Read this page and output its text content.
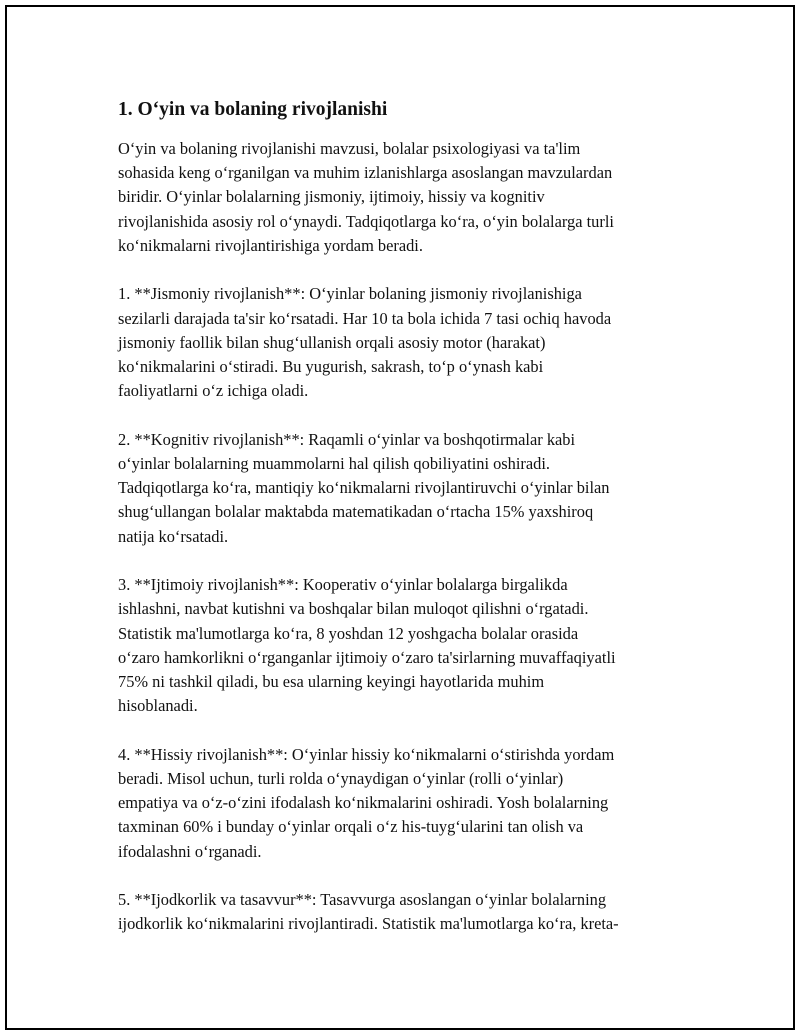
1. O‘yin va bolaning rivojlanishi
O‘yin va bolaning rivojlanishi mavzusi, bolalar psixologiyasi va ta'lim
sohasida keng o‘rganilgan va muhim izlanishlarga asoslangan mavzulardan
biridir. O‘yinlar bolalarning jismoniy, ijtimoiy, hissiy va kognitiv
rivojlanishida asosiy rol o‘ynaydi. Tadqiqotlarga ko‘ra, o‘yin bolalarga turli
ko‘nikmalarni rivojlantirishiga yordam beradi.
1. **Jismoniy rivojlanish**: O‘yinlar bolaning jismoniy rivojlanishiga
sezilarli darajada ta'sir ko‘rsatadi. Har 10 ta bola ichida 7 tasi ochiq havoda
jismoniy faollik bilan shug‘ullanish orqali asosiy motor (harakat)
ko‘nikmalarini o‘stiradi. Bu yugurish, sakrash, to‘p o‘ynash kabi
faoliyatlarni o‘z ichiga oladi.
2. **Kognitiv rivojlanish**: Raqamli o‘yinlar va boshqotirmalar kabi
o‘yinlar bolalarning muammolarni hal qilish qobiliyatini oshiradi.
Tadqiqotlarga ko‘ra, mantiqiy ko‘nikmalarni rivojlantiruvchi o‘yinlar bilan
shug‘ullangan bolalar maktabda matematikadan o‘rtacha 15% yaxshiroq
natija ko‘rsatadi.
3. **Ijtimoiy rivojlanish**: Kooperativ o‘yinlar bolalarga birgalikda
ishlashni, navbat kutishni va boshqalar bilan muloqot qilishni o‘rgatadi.
Statistik ma'lumotlarga ko‘ra, 8 yoshdan 12 yoshgacha bolalar orasida
o‘zaro hamkorlikni o‘rganganlar ijtimoiy o‘zaro ta'sirlarning muvaffaqiyatli
75% ni tashkil qiladi, bu esa ularning keyingi hayotlarida muhim
hisoblanadi.
4. **Hissiy rivojlanish**: O‘yinlar hissiy ko‘nikmalarni o‘stirishda yordam
beradi. Misol uchun, turli rolda o‘ynaydigan o‘yinlar (rolli o‘yinlar)
empatiya va o‘z-o‘zini ifodalash ko‘nikmalarini oshiradi. Yosh bolalarning
taxminan 60% i bunday o‘yinlar orqali o‘z his-tuyg‘ularini tan olish va
ifodalashni o‘rganadi.
5. **Ijodkorlik va tasavvur**: Tasavvurga asoslangan o‘yinlar bolalarning
ijodkorlik ko‘nikmalarini rivojlantiradi. Statistik ma'lumotlarga ko‘ra, kreta-
